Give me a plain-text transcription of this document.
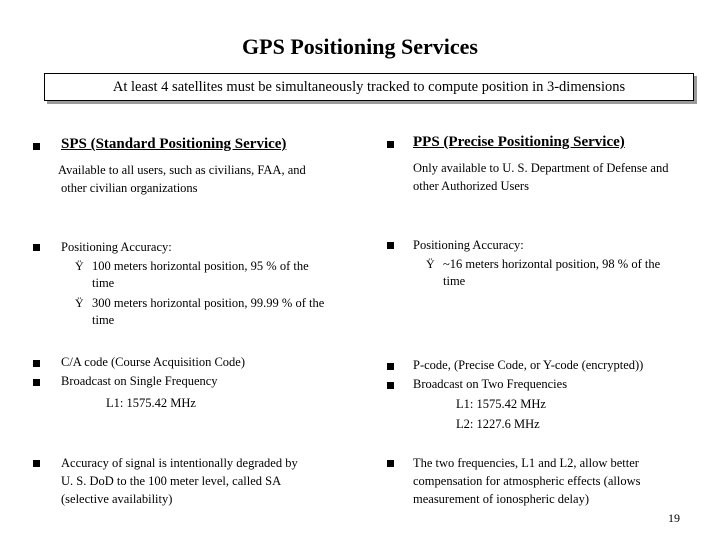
GPS Positioning Services
At least 4 satellites must be simultaneously tracked to compute position in 3-dimensions
SPS (Standard Positioning Service)
Available to all users, such as civilians, FAA, and
other civilian organizations
Positioning Accuracy:
Ÿ 100 meters horizontal position, 95 % of the
time
Ÿ 300 meters horizontal position, 99.99 % of the
time
C/A code (Course Acquisition Code)
Broadcast on Single Frequency
L1: 1575.42 MHz
Accuracy of signal is intentionally degraded by
U. S. DoD to the 100 meter level, called SA
(selective availability)
PPS (Precise Positioning Service)
Only available to U. S. Department of Defense and
other Authorized Users
Positioning Accuracy:
Ÿ ~16 meters horizontal position, 98 % of the
time
P-code, (Precise Code, or Y-code (encrypted))
Broadcast on Two Frequencies
L1: 1575.42 MHz
L2: 1227.6 MHz
The two frequencies, L1 and L2, allow better
compensation for atmospheric effects (allows
measurement of ionospheric delay)
19
